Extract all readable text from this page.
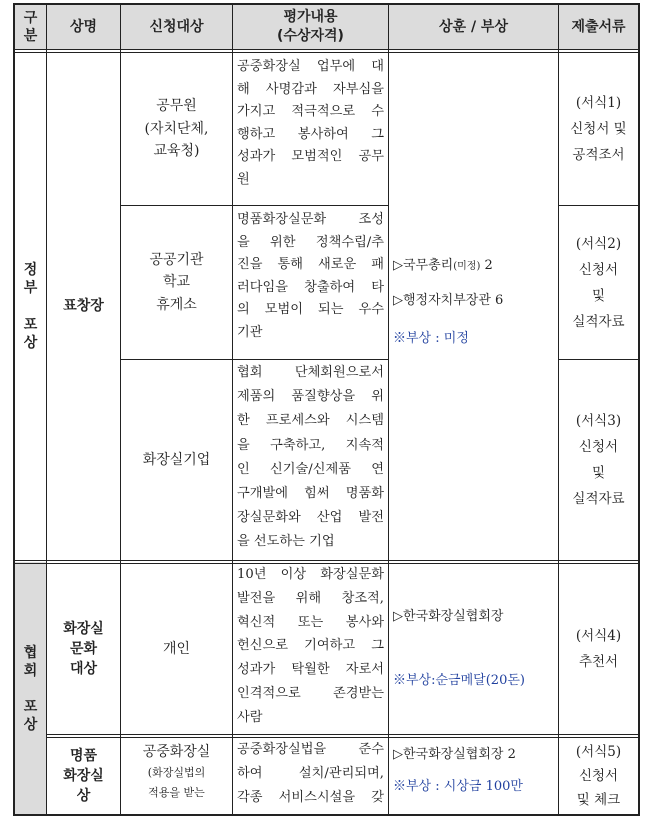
구
분
상명	신청대상
평가내용
(수상자격)
상훈 / 부상	제출서류
정
부

포
상
표창장
공무원
(자치단체,
교육청)
공공기관
학교
휴게소
화장실기업
공중화장실 업무에 대
해 사명감과 자부심을
가지고 적극적으로 수
행하고 봉사하여 그
성과가 모범적인 공무
원
명품화장실문화 조성
을 위한 정책수립/추
진을 통해 새로운 패
러다임을 창출하여 타
의 모범이 되는 우수
기관
협회 단체회원으로서
제품의 품질향상을 위
한 프로세스와 시스템
을 구축하고, 지속적
인 신기술/신제품 연
구개발에 힘써 명품화
장실문화와 산업 발전
을 선도하는 기업
▷국무총리(미정) 2
▷행정자치부장관 6
※부상 : 미정
(서식1)
신청서 및
공적조서
(서식2)
신청서
및
실적자료
(서식3)
신청서
및
실적자료
협
회

포
상
화장실
문화
대상
개인
10년 이상 화장실문화
발전을 위해 창조적,
혁신적 또는 봉사와
헌신으로 기여하고 그
성과가 탁월한 자로서
인격적으로 존경받는
사람
▷한국화장실협회장
※부상:순금메달(20돈)
(서식4)
추천서
명품
화장실
상
공중화장실
(화장실법의
적용을 받는
공중화장실법을 준수
하여 설치/관리되며,
각종 서비스시설을 갖
▷한국화장실협회장 2
※부상 : 시상금 100만
(서식5)
신청서
및 체크
